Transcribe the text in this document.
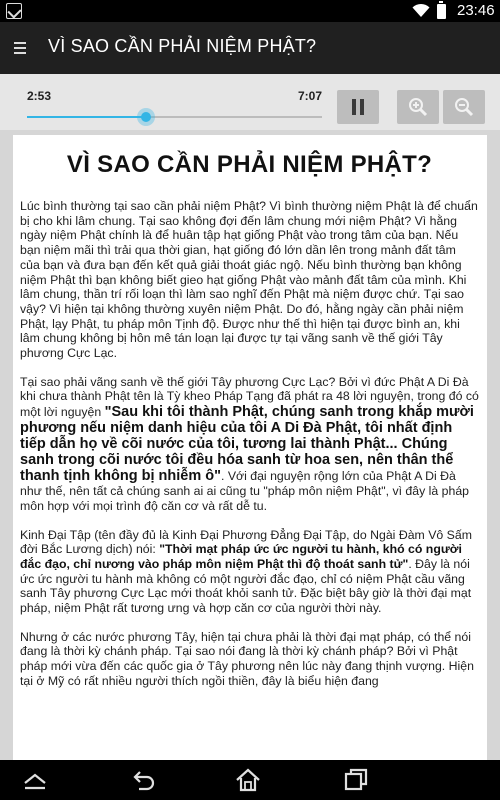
23:46
VÌ SAO CẦN PHẢI NIỆM PHẬT?
2:53	7:07
VÌ SAO CẦN PHẢI NIỆM PHẬT?

Lúc bình thường tại sao cần phải niệm Phật? Vì bình thường niệm Phật là để chuẩn bị cho khi lâm chung. Tại sao không đợi đến lâm chung mới niệm Phật? Vì hằng ngày niệm Phật chính là để huân tập hạt giống Phật vào trong tâm của bạn. Nếu bạn niệm mãi thì trải qua thời gian, hạt giống đó lớn dần lên trong mảnh đất tâm của bạn và đưa bạn đến kết quả giải thoát giác ngộ. Nếu bình thường bạn không niệm Phật thì bạn không biết gieo hạt giống Phật vào mảnh đất tâm của mình. Khi lâm chung, thần trí rối loạn thì làm sao nghĩ đến Phật mà niệm được chứ. Tại sao vậy? Vì hiện tại không thường xuyên niệm Phật. Do đó, hằng ngày cần phải niệm Phật, lạy Phật, tu pháp môn Tịnh độ. Được như thế thì hiện tại được bình an, khi lâm chung không bị hôn mê tán loạn lại được tự tại vãng sanh về thế giới Tây phương Cực Lạc.

Tại sao phải vãng sanh về thế giới Tây phương Cực Lạc? Bởi vì đức Phật A Di Đà khi chưa thành Phật tên là Tỳ kheo Pháp Tạng đã phát ra 48 lời nguyện, trong đó có một lời nguyện "Sau khi tôi thành Phật, chúng sanh trong khắp mười phương nếu niệm danh hiệu của tôi A Di Đà Phật, tôi nhất định tiếp dẫn họ về cõi nước của tôi, tương lai thành Phật... Chúng sanh trong cõi nước tôi đều hóa sanh từ hoa sen, nên thân thể thanh tịnh không bị nhiễm ô". Với đại nguyện rộng lớn của Phật A Di Đà như thế, nên tất cả chúng sanh ai ai cũng tu "pháp môn niệm Phật", vì đây là pháp môn hợp với mọi trình độ căn cơ và rất dễ tu.

Kinh Đại Tập (tên đầy đủ là Kinh Đại Phương Đẳng Đại Tập, do Ngài Đàm Vô Sấm đời Bắc Lương dịch) nói: "Thời mạt pháp ức ức người tu hành, khó có người đắc đạo, chỉ nương vào pháp môn niệm Phật thì độ thoát sanh tử". Đây là nói ức ức người tu hành mà không có một người đắc đạo, chỉ có niệm Phật cầu vãng sanh Tây phương Cực Lạc mới thoát khỏi sanh tử. Đặc biệt bây giờ là thời đại mạt pháp, niệm Phật rất tương ưng và hợp căn cơ của người thời này.

Nhưng ở các nước phương Tây, hiện tại chưa phải là thời đại mạt pháp, có thể nói đang là thời kỳ chánh pháp. Tại sao nói đang là thời kỳ chánh pháp? Bởi vì Phật pháp mới vừa đến các quốc gia ở Tây phương nên lúc này đang thịnh vượng. Hiện tại ở Mỹ có rất nhiều người thích ngồi thiền, đây là biểu hiện đang
